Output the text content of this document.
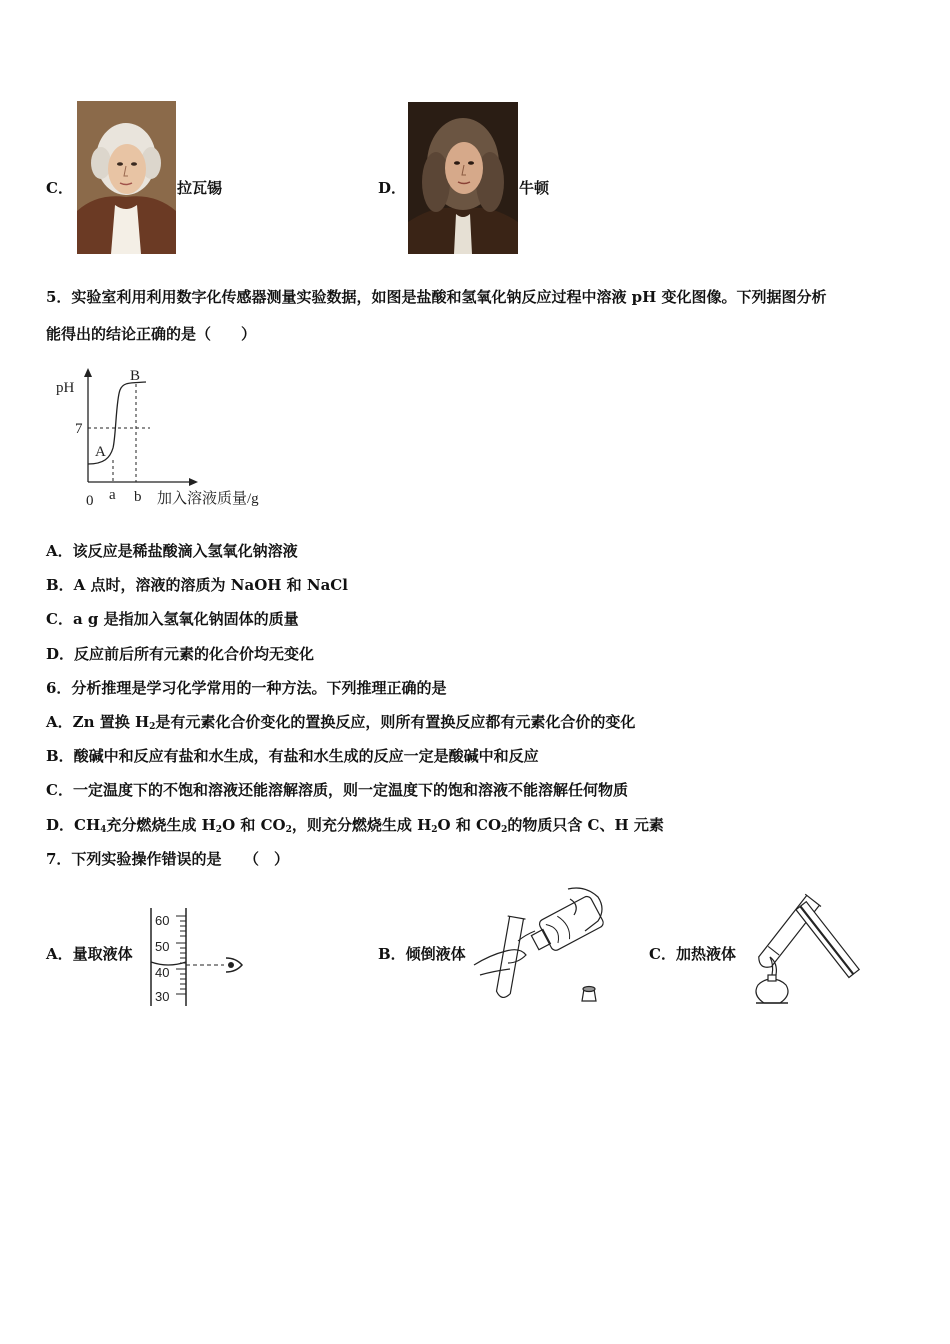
C．	拉瓦锡	D．	牛顿
5．实验室利用利用数字化传感器测量实验数据，如图是盐酸和氢氧化钠反应过程中溶液 pH 变化图像。下列据图分析
能得出的结论正确的是（　　）
pH
7
A
B
0 a b 加入溶液质量/g
A．该反应是稀盐酸滴入氢氧化钠溶液
B．A 点时，溶液的溶质为 NaOH 和 NaCl
C．a g 是指加入氢氧化钠固体的质量
D．反应前后所有元素的化合价均无变化
6．分析推理是学习化学常用的一种方法。下列推理正确的是
A．Zn 置换 $H_2$是有元素化合价变化的置换反应，则所有置换反应都有元素化合价的变化
B．酸碱中和反应有盐和水生成，有盐和水生成的反应一定是酸碱中和反应
C．一定温度下的不饱和溶液还能溶解溶质，则一定温度下的饱和溶液不能溶解任何物质
D．$CH_4$充分燃烧生成 $H_2O$ 和 $CO_2$，则充分燃烧生成 $H_2O$ 和 $CO_2$的物质只含 C、H 元素
7．下列实验操作错误的是　　（　）
A．量取液体
60
50
40
30
B．倾倒液体	C．加热液体
